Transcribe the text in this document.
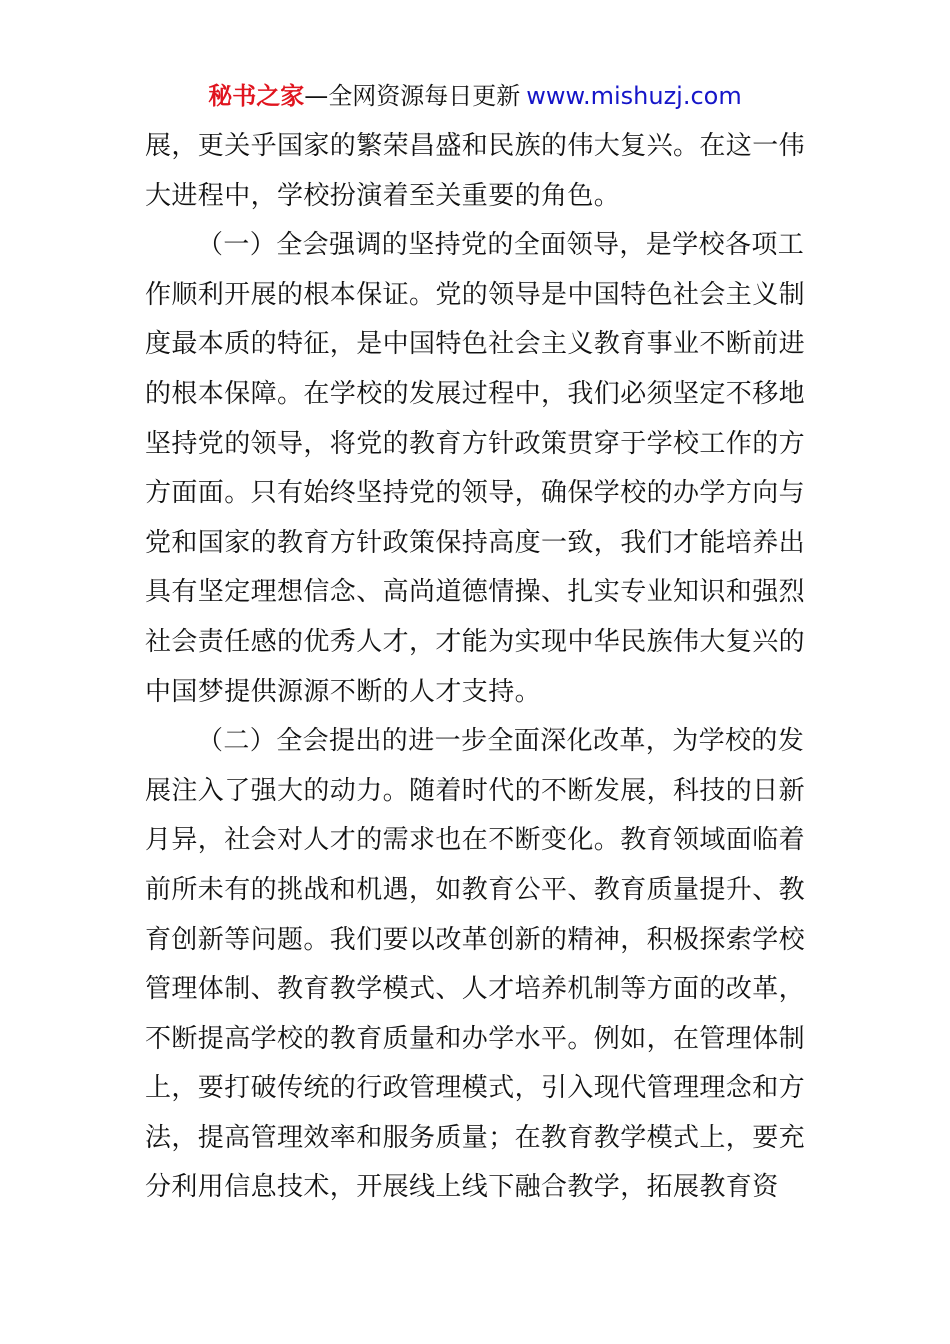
秘书之家—全网资源每日更新 www.mishuzj.com
展，更关乎国家的繁荣昌盛和民族的伟大复兴。在这一伟
大进程中，学校扮演着至关重要的角色。
（一）全会强调的坚持党的全面领导，是学校各项工
作顺利开展的根本保证。党的领导是中国特色社会主义制
度最本质的特征，是中国特色社会主义教育事业不断前进
的根本保障。在学校的发展过程中，我们必须坚定不移地
坚持党的领导，将党的教育方针政策贯穿于学校工作的方
方面面。只有始终坚持党的领导，确保学校的办学方向与
党和国家的教育方针政策保持高度一致，我们才能培养出
具有坚定理想信念、高尚道德情操、扎实专业知识和强烈
社会责任感的优秀人才，才能为实现中华民族伟大复兴的
中国梦提供源源不断的人才支持。
（二）全会提出的进一步全面深化改革，为学校的发
展注入了强大的动力。随着时代的不断发展，科技的日新
月异，社会对人才的需求也在不断变化。教育领域面临着
前所未有的挑战和机遇，如教育公平、教育质量提升、教
育创新等问题。我们要以改革创新的精神，积极探索学校
管理体制、教育教学模式、人才培养机制等方面的改革，
不断提高学校的教育质量和办学水平。例如，在管理体制
上，要打破传统的行政管理模式，引入现代管理理念和方
法，提高管理效率和服务质量；在教育教学模式上，要充
分利用信息技术，开展线上线下融合教学，拓展教育资
